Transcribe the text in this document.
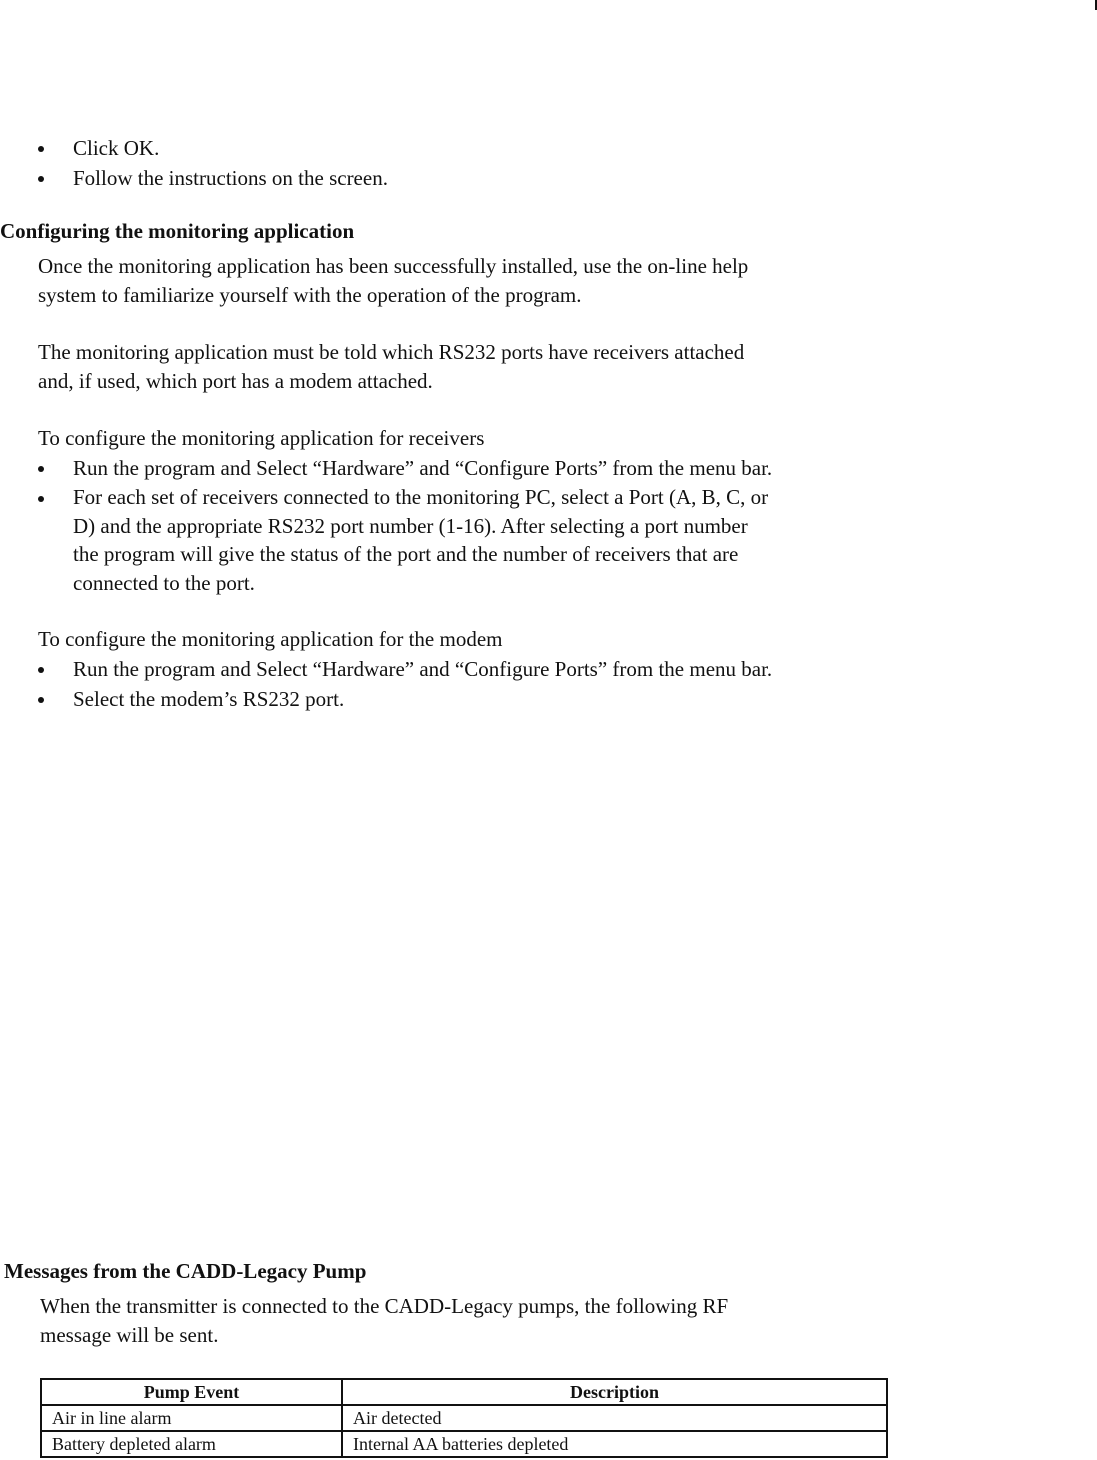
Click OK.
Follow the instructions on the screen.
Configuring the monitoring application

Once the monitoring application has been successfully installed, use the on-line help
system to familiarize yourself with the operation of the program.

The monitoring application must be told which RS232 ports have receivers attached
and, if used, which port has a modem attached.

To configure the monitoring application for receivers

Run the program and Select “Hardware” and “Configure Ports” from the menu bar.
For each set of receivers connected to the monitoring PC, select a Port (A, B, C, or
D) and the appropriate RS232 port number (1-16). After selecting a port number
the program will give the status of the port and the number of receivers that are
connected to the port.

To configure the monitoring application for the modem

Run the program and Select “Hardware” and “Configure Ports” from the menu bar.
Select the modem’s RS232 port.
Messages from the CADD-Legacy Pump

When the transmitter is connected to the CADD-Legacy pumps, the following RF
message will be sent.

Pump Event	Description
Air in line alarm	Air detected
Battery depleted alarm	Internal AA batteries depleted
